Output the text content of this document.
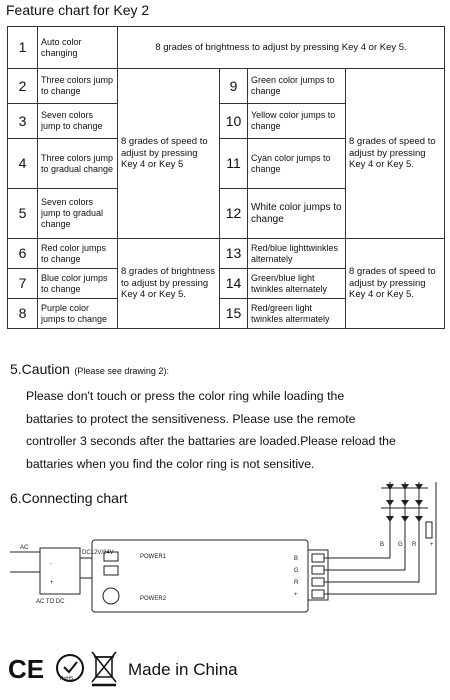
Feature chart for Key 2
1	Auto color changing	8 grades of brightness to adjust by pressing Key 4 or Key 5.			
2	Three colors jump to change	8 grades of speed to adjust by pressing Key 4 or Key 5	9	Green color jumps to change	8 grades of speed to adjust by pressing Key 4 or Key 5.
3	Seven colors jump to change		10	Yellow color jumps to change	
4	Three colors jump to gradual change		11	Cyan color jumps to change	
5	Seven colors jump to gradual change		12	White color jumps to change	
6	Red color jumps to change	8 grades of brightness to adjust by pressing Key 4 or Key 5.	13	Red/blue lighttwinkles alternately	8 grades of speed to adjust by pressing Key 4 or Key 5.
7	Blue color jumps to change		14	Green/blue light twinkles alternately	
8	Purple color jumps to change		15	Red/green light twinkles altermately	
5.Caution (Please see drawing 2):
Please don't touch or press the color ring while loading the
battaries to protect the sensitiveness. Please use the remote
controller 3 seconds after the battaries are loaded.Please reload the
battaries when you find the color ring is not sensitive.
6.Connecting chart
AC
DC12V/24V
-
+
AC TO DC
POWER1
POWER2
B
G
R
+
B G R +
CE	RoHS	Made in China
